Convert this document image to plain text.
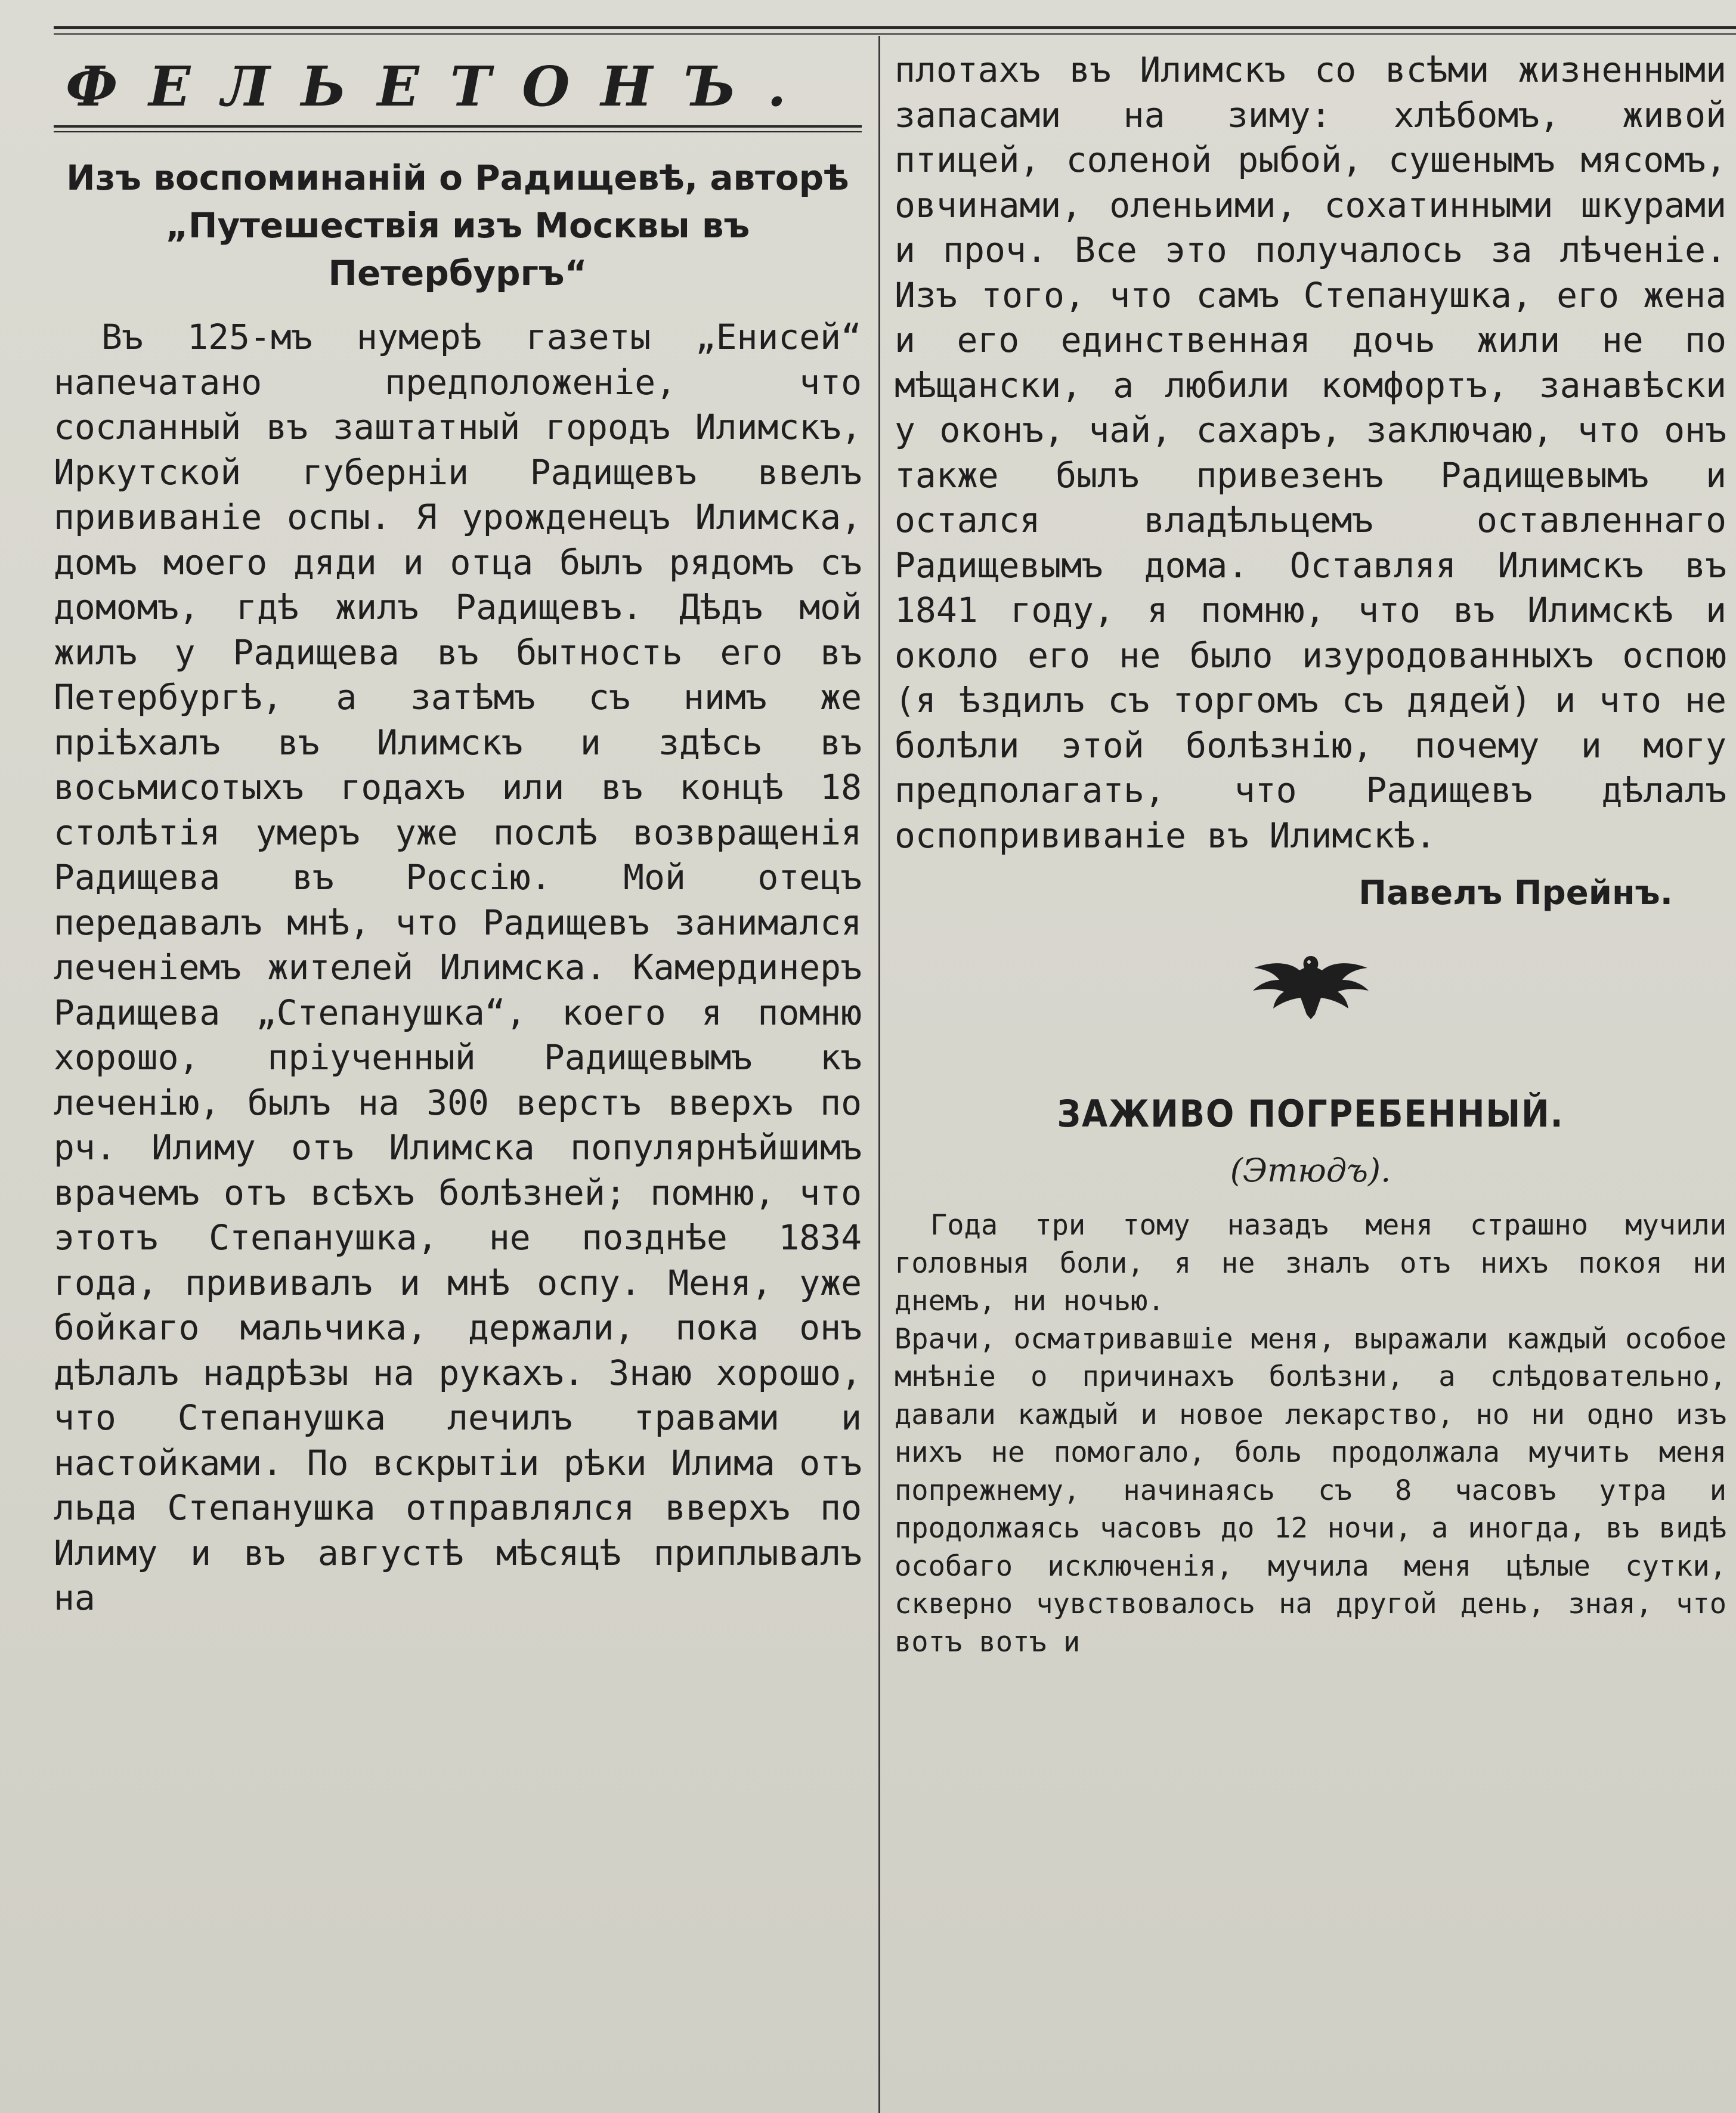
ФЕЛЬЕТОНЪ.
Изъ воспоминаній о Радищевѣ, авторѣ „Путешествія изъ Москвы въ Петербургъ“

Въ 125-мъ нумерѣ газеты „Енисей“ напечатано предположеніе, что сосланный въ заштатный городъ Илимскъ, Иркутской губерніи Радищевъ ввелъ прививаніе оспы. Я урожденецъ Илимска, домъ моего дяди и отца былъ рядомъ съ домомъ, гдѣ жилъ Радищевъ. Дѣдъ мой жилъ у Радищева въ бытность его въ Петербургѣ, а затѣмъ съ нимъ же пріѣхалъ въ Илимскъ и здѣсь въ восьмисотыхъ годахъ или въ концѣ 18 столѣтія умеръ уже послѣ возвращенія Радищева въ Россію. Мой отецъ передавалъ мнѣ, что Радищевъ занимался леченіемъ жителей Илимска. Камердинеръ Радищева „Степанушка“, коего я помню хорошо, пріученный Радищевымъ къ леченію, былъ на 300 верстъ вверхъ по рч. Илиму отъ Илимска популярнѣйшимъ врачемъ отъ всѣхъ болѣзней; помню, что этотъ Степанушка, не позднѣе 1834 года, прививалъ и мнѣ оспу. Меня, уже бойкаго мальчика, держали, пока онъ дѣлалъ надрѣзы на рукахъ. Знаю хорошо, что Степанушка лечилъ травами и настойками. По вскрытіи рѣки Илима отъ льда Степанушка отправлялся вверхъ по Илиму и въ августѣ мѣсяцѣ приплывалъ на

плотахъ въ Илимскъ со всѣми жизненными запасами на зиму: хлѣбомъ, живой птицей, соленой рыбой, сушенымъ мясомъ, овчинами, оленьими, сохатинными шкурами и проч. Все это получалось за лѣченіе. Изъ того, что самъ Степанушка, его жена и его единственная дочь жили не по мѣщански, а любили комфортъ, занавѣски у оконъ, чай, сахаръ, заключаю, что онъ также былъ привезенъ Радищевымъ и остался владѣльцемъ оставленнаго Радищевымъ дома. Оставляя Илимскъ въ 1841 году, я помню, что въ Илимскѣ и около его не было изуродованныхъ оспою (я ѣздилъ съ торгомъ съ дядей) и что не болѣли этой болѣзнію, почему и могу предполагать, что Радищевъ дѣлалъ оспопрививаніе въ Илимскѣ.

Павелъ Прейнъ.
ЗАЖИВО ПОГРЕБЕННЫЙ.
(Этюдъ).
Года три тому назадъ меня страшно мучили головныя боли, я не зналъ отъ нихъ покоя ни днемъ, ни ночью.
Врачи, осматривавшіе меня, выражали каждый особое мнѣніе о причинахъ болѣзни, а слѣдовательно, давали каждый и новое лекарство, но ни одно изъ нихъ не помогало, боль продолжала мучить меня попрежнему, начинаясь съ 8 часовъ утра и продолжаясь часовъ до 12 ночи, а иногда, въ видѣ особаго исключенія, мучила меня цѣлые сутки, скверно чувствовалось на другой день, зная, что вотъ вотъ и
